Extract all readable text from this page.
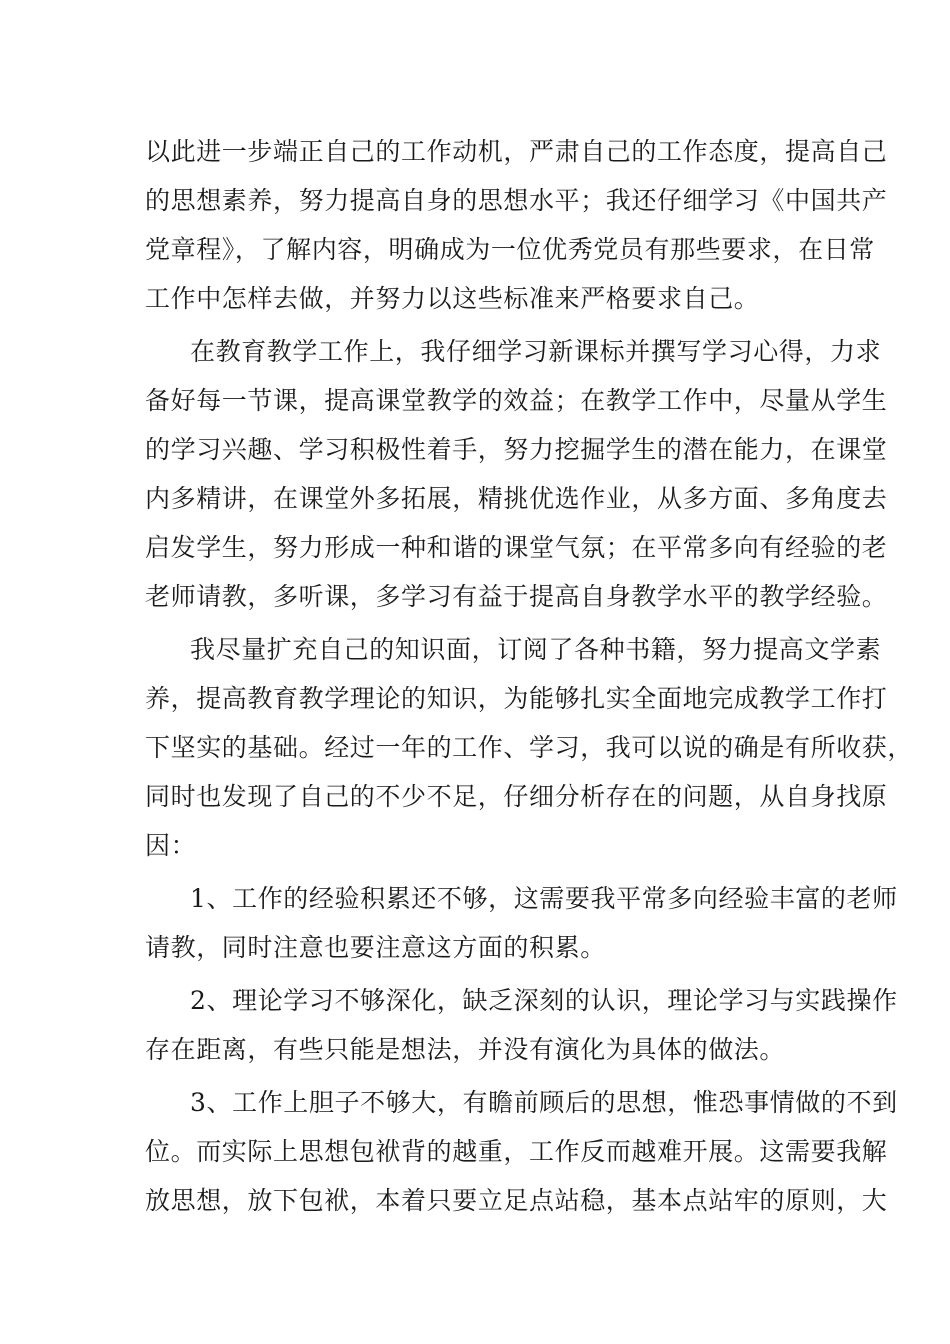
以此进一步端正自己的工作动机，严肃自己的工作态度，提高自己
的思想素养，努力提高自身的思想水平；我还仔细学习《中国共产
党章程》，了解内容，明确成为一位优秀党员有那些要求，在日常
工作中怎样去做，并努力以这些标准来严格要求自己。
在教育教学工作上，我仔细学习新课标并撰写学习心得，力求
备好每一节课，提高课堂教学的效益；在教学工作中，尽量从学生
的学习兴趣、学习积极性着手，努力挖掘学生的潜在能力，在课堂
内多精讲，在课堂外多拓展，精挑优选作业，从多方面、多角度去
启发学生，努力形成一种和谐的课堂气氛；在平常多向有经验的老
老师请教，多听课，多学习有益于提高自身教学水平的教学经验。
我尽量扩充自己的知识面，订阅了各种书籍，努力提高文学素
养，提高教育教学理论的知识，为能够扎实全面地完成教学工作打
下坚实的基础。经过一年的工作、学习，我可以说的确是有所收获，
同时也发现了自己的不少不足，仔细分析存在的问题，从自身找原
因：
1、工作的经验积累还不够，这需要我平常多向经验丰富的老师
请教，同时注意也要注意这方面的积累。
2、理论学习不够深化，缺乏深刻的认识，理论学习与实践操作
存在距离，有些只能是想法，并没有演化为具体的做法。
3、工作上胆子不够大，有瞻前顾后的思想，惟恐事情做的不到
位。而实际上思想包袱背的越重，工作反而越难开展。这需要我解
放思想，放下包袱，本着只要立足点站稳，基本点站牢的原则，大
